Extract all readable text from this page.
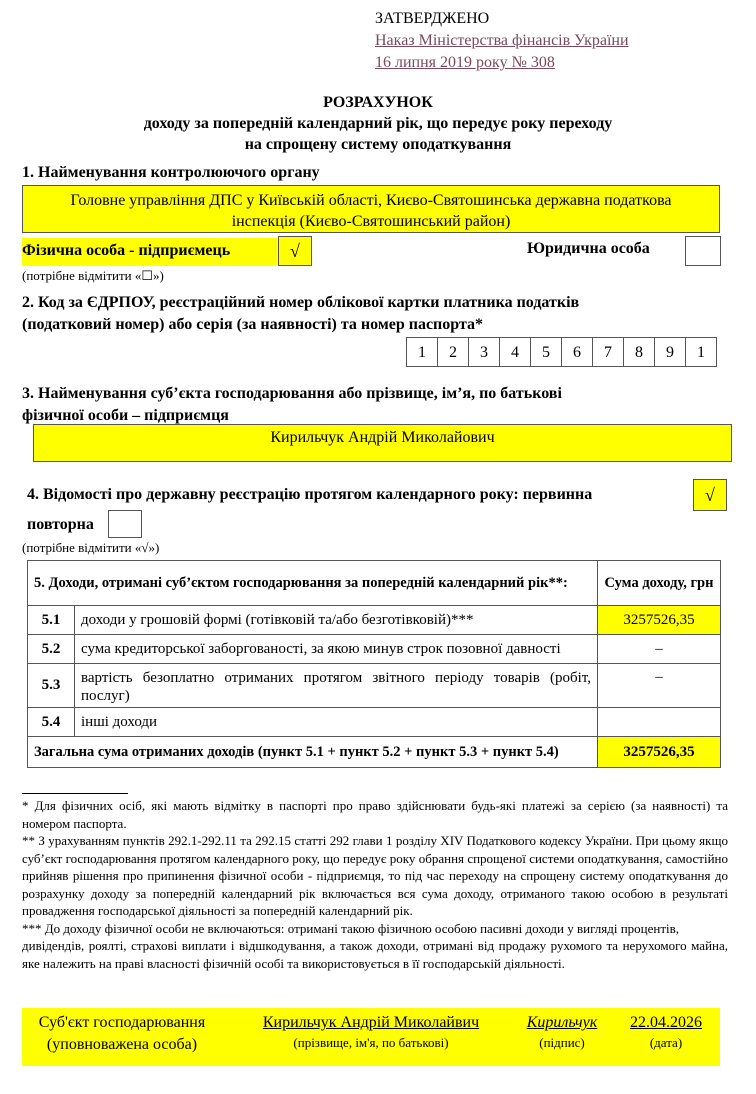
ЗАТВЕРДЖЕНО
Наказ Міністерства фінансів України
16 липня 2019 року № 308
РОЗРАХУНОК
доходу за попередній календарний рік, що передує року переходу
на спрощену систему оподаткування
1. Найменування контролюючого органу
Головне управління ДПС у Київській області, Києво-Святошинська державна податкова
інспекція (Києво-Святошинський район)
Фізична особа - підприємець	√	Юридична особа
(потрібне відмітити «☐»)
2. Код за ЄДРПОУ, реєстраційний номер облікової картки платника податків
(податковий номер) або серія (за наявності) та номер паспорта*
1	2	3	4	5	6	7	8	9	1
3. Найменування суб’єкта господарювання або прізвище, ім’я, по батькові
фізичної особи – підприємця
Кирильчук Андрій Миколайович
4. Відомості про державну реєстрацію протягом календарного року: первинна	√
повторна
(потрібне відмітити «√»)
5. Доходи, отримані суб’єктом господарювання за попередній календарний рік**:		Сума доходу, грн
5.1	доходи у грошовій формі (готівковій та/або безготівковій)***	3257526,35
5.2	сума кредиторської заборгованості, за якою минув строк позовної давності	–
5.3	вартість безоплатно отриманих протягом звітного періоду товарів (робіт, послуг)	–
5.4	інші доходи	
Загальна сума отриманих доходів (пункт 5.1 + пункт 5.2 + пункт 5.3 + пункт 5.4)		3257526,35
* Для фізичних осіб, які мають відмітку в паспорті про право здійснювати будь-які платежі за серією (за наявності) та номером паспорта.
** З урахуванням пунктів 292.1-292.11 та 292.15 статті 292 глави 1 розділу XIV Податкового кодексу України. При цьому якщо суб’єкт господарювання протягом календарного року, що передує року обрання спрощеної системи оподаткування, самостійно прийняв рішення про припинення фізичної особи - підприємця, то під час переходу на спрощену систему оподаткування до розрахунку доходу за попередній календарний рік включається вся сума доходу, отриманого такою особою в результаті провадження господарської діяльності за попередній календарний рік.
*** До доходу фізичної особи не включаються: отримані такою фізичною особою пасивні доходи у вигляді процентів,
дивідендів, роялті, страхові виплати і відшкодування, а також доходи, отримані від продажу рухомого та нерухомого майна, яке належить на праві власності фізичній особі та використовується в її господарській діяльності.
Суб'єкт господарювання
(уповноважена особа)
Кирильчук Андрій Миколайвич
(прізвище, ім'я, по батькові)
Кирильчук
(підпис)
22.04.2026
(дата)
